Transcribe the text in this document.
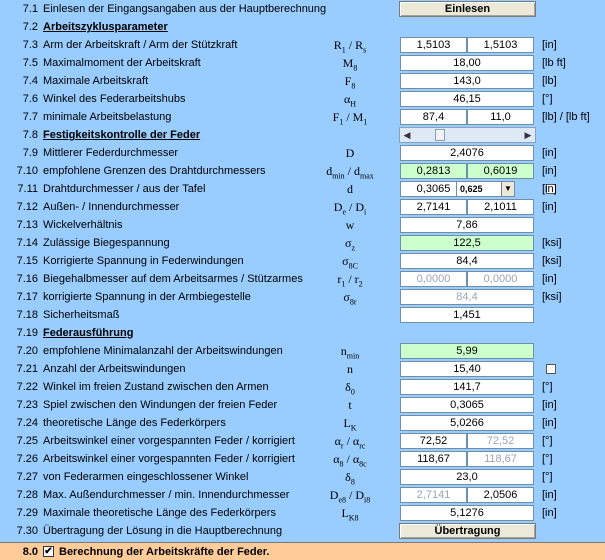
7.1 Einlesen der Eingangsangaben aus der Hauptberechnung	Einlesen
7.2 Arbeitszyklusparameter
7.3 Arm der Arbeitskraft / Arm der Stützkraft	$R_1 / R_s$	1,5103	1,5103	[in]
7.5 Maximalmoment der Arbeitskraft	$M_8$	18,00	[lb ft]
7.4 Maximale Arbeitskraft	$F_8$	143,0	[lb]
7.6 Winkel des Federarbeitshubs	$\alpha_H$	46,15	[°]
7.7 minimale Arbeitsbelastung	$F_1 / M_1$	87,4	11,0	[lb] / [lb ft]
7.8 Festigkeitskontrolle der Feder	◀	▶
7.9 Mittlerer Federdurchmesser	D	2,4076	[in]
7.10 empfohlene Grenzen des Drahtdurchmessers	$d_{min} / d_{max}$	0,2813	0,6019	[in]
7.11 Drahtdurchmesser / aus der Tafel	d	0,3065	0,625	▼	[in]
7.12 Außen- / Innendurchmesser	$D_e / D_i$	2,7141	2,1011	[in]
7.13 Wickelverhältnis	w	7,86
7.14 Zulässige Biegespannung	$\sigma_z$	122,5	[ksi]
7.15 Korrigierte Spannung in Federwindungen	$\sigma_{8C}$	84,4	[ksi]
7.16 Biegehalbmesser auf dem Arbeitsarmes / Stützarmes	$r_1 / r_2$	0,0000	0,0000	[in]
7.17 korrigierte Spannung in der Armbiegestelle	$\sigma_{8r}$	84,4	[ksi]
7.18 Sicherheitsmaß	1,451
7.19 Federausführung
7.20 empfohlene Minimalanzahl der Arbeitswindungen	$n_{min}$	5,99
7.21 Anzahl der Arbeitswindungen	n	15,40
7.22 Winkel im freien Zustand zwischen den Armen	$\delta_0$	141,7	[°]
7.23 Spiel zwischen den Windungen der freien Feder	t	0,3065	[in]
7.24 theoretische Länge des Federkörpers	$L_K$	5,0266	[in]
7.25 Arbeitswinkel einer vorgespannten Feder / korrigiert	$\alpha_r / \alpha_{rc}$	72,52	72,52	[°]
7.26 Arbeitswinkel einer vorgespannten Feder / korrigiert	$\alpha_8 / \alpha_{8c}$	118,67	118,67	[°]
7.27 von Federarmen eingeschlossener Winkel	$\delta_8$	23,0	[°]
7.28 Max. Außendurchmesser / min. Innendurchmesser	$D_{e8} / D_{i8}$	2,7141	2,0506	[in]
7.29 Maximale theoretische Länge des Federkörpers	$L_{K8}$	5,1276	[in]
7.30 Übertragung der Lösung in die Hauptberechnung	Übertragung
8.0 ✔ Berechnung der Arbeitskräfte der Feder.
